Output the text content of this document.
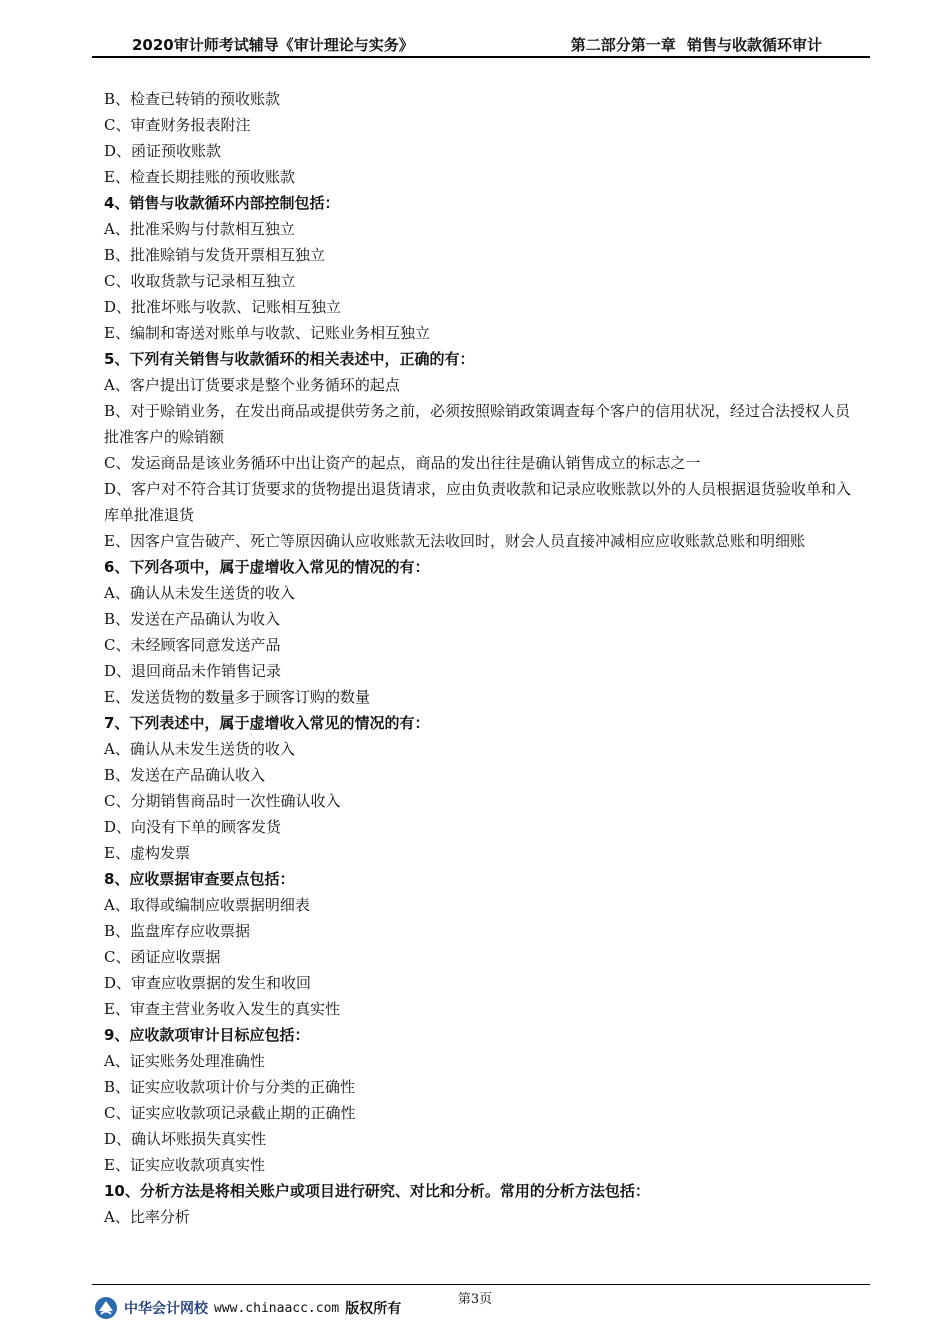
2020审计师考试辅导《审计理论与实务》	第二部分第一章 销售与收款循环审计
B、检查已转销的预收账款
C、审查财务报表附注
D、函证预收账款
E、检查长期挂账的预收账款
4、销售与收款循环内部控制包括：
A、批准采购与付款相互独立
B、批准赊销与发货开票相互独立
C、收取货款与记录相互独立
D、批准坏账与收款、记账相互独立
E、编制和寄送对账单与收款、记账业务相互独立
5、下列有关销售与收款循环的相关表述中，正确的有：
A、客户提出订货要求是整个业务循环的起点
B、对于赊销业务，在发出商品或提供劳务之前，必须按照赊销政策调查每个客户的信用状况，经过合法授权人员批准客户的赊销额
C、发运商品是该业务循环中出让资产的起点，商品的发出往往是确认销售成立的标志之一
D、客户对不符合其订货要求的货物提出退货请求，应由负责收款和记录应收账款以外的人员根据退货验收单和入库单批准退货
E、因客户宣告破产、死亡等原因确认应收账款无法收回时，财会人员直接冲减相应应收账款总账和明细账
6、下列各项中，属于虚增收入常见的情况的有：
A、确认从未发生送货的收入
B、发送在产品确认为收入
C、未经顾客同意发送产品
D、退回商品未作销售记录
E、发送货物的数量多于顾客订购的数量
7、下列表述中，属于虚增收入常见的情况的有：
A、确认从未发生送货的收入
B、发送在产品确认收入
C、分期销售商品时一次性确认收入
D、向没有下单的顾客发货
E、虚构发票
8、应收票据审查要点包括：
A、取得或编制应收票据明细表
B、监盘库存应收票据
C、函证应收票据
D、审查应收票据的发生和收回
E、审查主营业务收入发生的真实性
9、应收款项审计目标应包括：
A、证实账务处理准确性
B、证实应收款项计价与分类的正确性
C、证实应收款项记录截止期的正确性
D、确认坏账损失真实性
E、证实应收款项真实性
10、分析方法是将相关账户或项目进行研究、对比和分析。常用的分析方法包括：
A、比率分析
第3页
中华会计网校 www.chinaacc.com 版权所有
